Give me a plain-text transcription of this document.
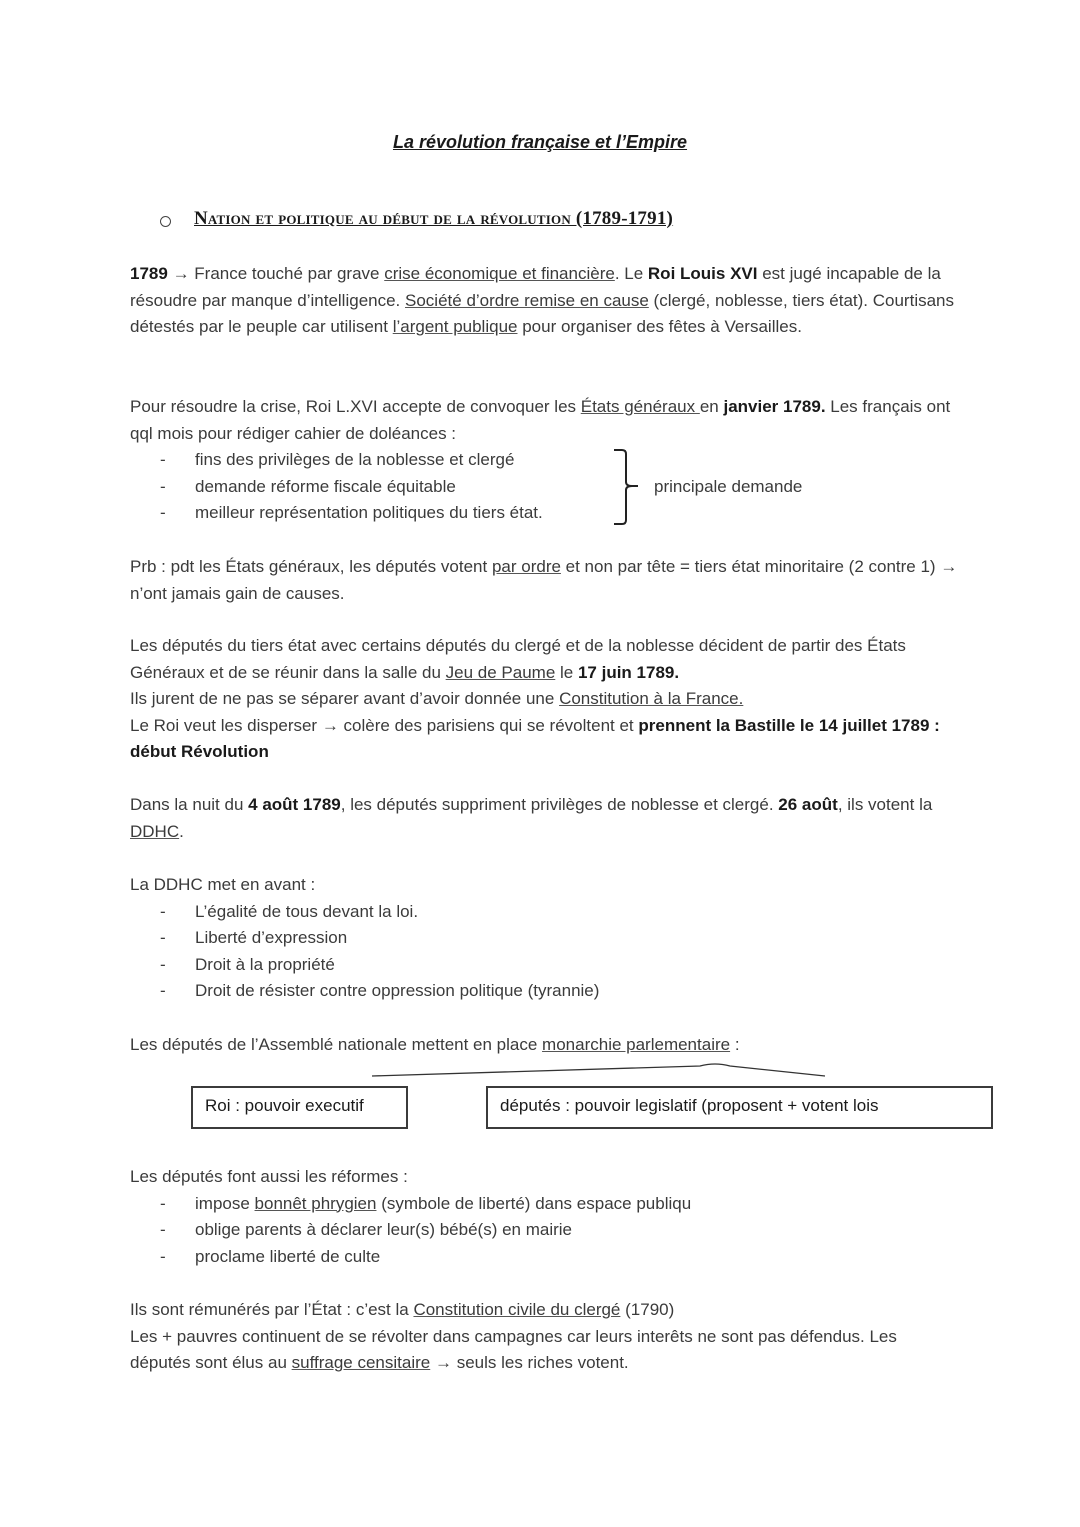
La révolution française et l’Empire
Nation et politique au début de la révolution (1789-1791)

1789 → France touché par grave crise économique et financière. Le Roi Louis XVI est jugé incapable de la résoudre par manque d’intelligence. Société d’ordre remise en cause (clergé, noblesse, tiers état). Courtisans détestés par le peuple car utilisent l’argent publique pour organiser des fêtes à Versailles.

Pour résoudre la crise, Roi L.XVI accepte de convoquer les États généraux en janvier 1789. Les français ont qql mois pour rédiger cahier de doléances :

- fins des privilèges de la noblesse et clergé
- demande réforme fiscale équitable
- meilleur représentation politiques du tiers état.
principale demande

Prb : pdt les États généraux, les députés votent par ordre et non par tête = tiers état minoritaire (2 contre 1) → n’ont jamais gain de causes.

Les députés du tiers état avec certains députés du clergé et de la noblesse décident de partir des États Généraux et de se réunir dans la salle du Jeu de Paume le 17 juin 1789.
Ils jurent de ne pas se séparer avant d’avoir donnée une Constitution à la France.
Le Roi veut les disperser → colère des parisiens qui se révoltent et prennent la Bastille le 14 juillet 1789 : début Révolution

Dans la nuit du 4 août 1789, les députés suppriment privilèges de noblesse et clergé. 26 août, ils votent la DDHC.

La DDHC met en avant :
- L’égalité de tous devant la loi.
- Liberté d’expression
- Droit à la propriété
- Droit de résister contre oppression politique (tyrannie)

Les députés de l’Assemblé nationale mettent en place monarchie parlementaire :

Roi : pouvoir executif	députés : pouvoir legislatif (proposent + votent lois
Les députés font aussi les réformes :
- impose bonnêt phrygien (symbole de liberté) dans espace publiqu
- oblige parents à déclarer leur(s) bébé(s) en mairie
- proclame liberté de culte
Ils sont rémunérés par l’État : c’est la Constitution civile du clergé (1790)
Les + pauvres continuent de se révolter dans campagnes car leurs interêts ne sont pas défendus. Les députés sont élus au suffrage censitaire → seuls les riches votent.
